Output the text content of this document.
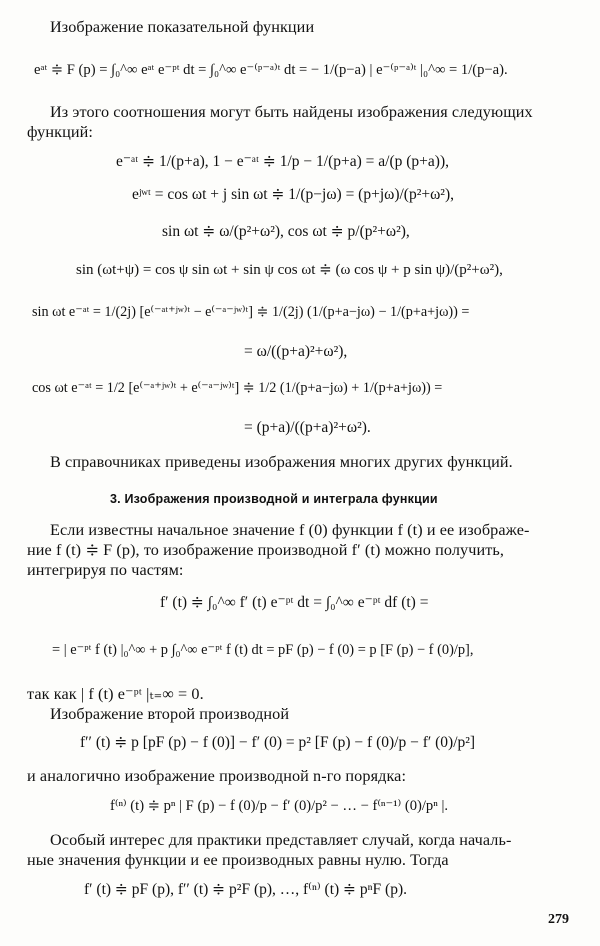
Изображение показательной функции
eᵃᵗ ≑ F (p) = ∫₀^∞ eᵃᵗ e⁻ᵖᵗ dt = ∫₀^∞ e⁻⁽ᵖ⁻ᵃ⁾ᵗ dt = − 1/(p−a) | e⁻⁽ᵖ⁻ᵃ⁾ᵗ |₀^∞ = 1/(p−a).
Из этого соотношения могут быть найдены изображения следующих
функций:
e⁻ᵃᵗ ≑ 1/(p+a), 1 − e⁻ᵃᵗ ≑ 1/p − 1/(p+a) = a/(p (p+a)),
eʲʷᵗ = cos ωt + j sin ωt ≑ 1/(p−jω) = (p+jω)/(p²+ω²),
sin ωt ≑ ω/(p²+ω²), cos ωt ≑ p/(p²+ω²),
sin (ωt+ψ) = cos ψ sin ωt + sin ψ cos ωt ≑ (ω cos ψ + p sin ψ)/(p²+ω²),
sin ωt e⁻ᵃᵗ = 1/(2j) [e⁽⁻ᵃᵗ⁺ʲʷ⁾ᵗ − e⁽⁻ᵃ⁻ʲʷ⁾ᵗ] ≑ 1/(2j) (1/(p+a−jω) − 1/(p+a+jω)) =
= ω/((p+a)²+ω²),
cos ωt e⁻ᵃᵗ = 1/2 [e⁽⁻ᵃ⁺ʲʷ⁾ᵗ + e⁽⁻ᵃ⁻ʲʷ⁾ᵗ] ≑ 1/2 (1/(p+a−jω) + 1/(p+a+jω)) =
= (p+a)/((p+a)²+ω²).
В справочниках приведены изображения многих других функций.
3. Изображения производной и интеграла функции
Если известны начальное значение f (0) функции f (t) и ее изображе-
ние f (t) ≑ F (p), то изображение производной f′ (t) можно получить,
интегрируя по частям:
f′ (t) ≑ ∫₀^∞ f′ (t) e⁻ᵖᵗ dt = ∫₀^∞ e⁻ᵖᵗ df (t) =
= | e⁻ᵖᵗ f (t) |₀^∞ + p ∫₀^∞ e⁻ᵖᵗ f (t) dt = pF (p) − f (0) = p [F (p) − f (0)/p],
так как | f (t) e⁻ᵖᵗ |ₜ₌∞ = 0.
Изображение второй производной
f′′ (t) ≑ p [pF (p) − f (0)] − f′ (0) = p² [F (p) − f (0)/p − f′ (0)/p²]
и аналогично изображение производной n-го порядка:
f⁽ⁿ⁾ (t) ≑ pⁿ | F (p) − f (0)/p − f′ (0)/p² − … − f⁽ⁿ⁻¹⁾ (0)/pⁿ |.
Особый интерес для практики представляет случай, когда началь-
ные значения функции и ее производных равны нулю. Тогда
f′ (t) ≑ pF (p), f′′ (t) ≑ p²F (p), …, f⁽ⁿ⁾ (t) ≑ pⁿF (p).
279
